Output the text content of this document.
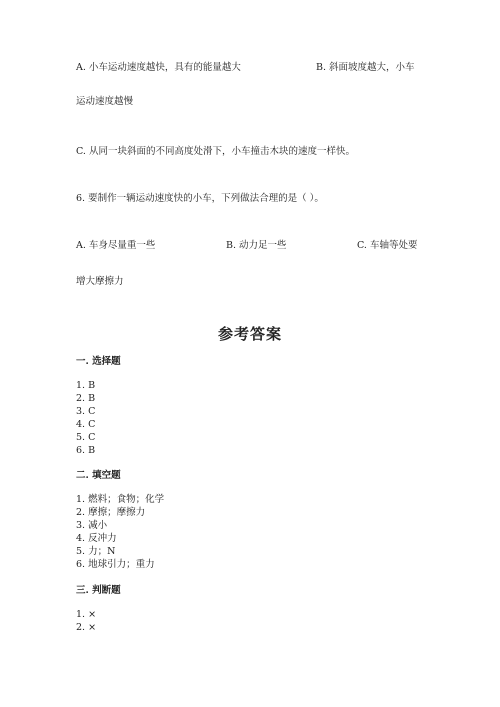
A. 小车运动速度越快，具有的能量越大	B. 斜面坡度越大，小车
运动速度越慢
C. 从同一块斜面的不同高度处滑下，小车撞击木块的速度一样快。
6. 要制作一辆运动速度快的小车，下列做法合理的是（ ）。
A. 车身尽量重一些	B. 动力足一些	C. 车轴等处要
增大摩擦力
参考答案
一. 选择题
1. B
2. B
3. C
4. C
5. C
6. B
二. 填空题
1. 燃料；食物；化学
2. 摩擦；摩擦力
3. 减小
4. 反冲力
5. 力；N
6. 地球引力；重力
三. 判断题
1. ×
2. ×
